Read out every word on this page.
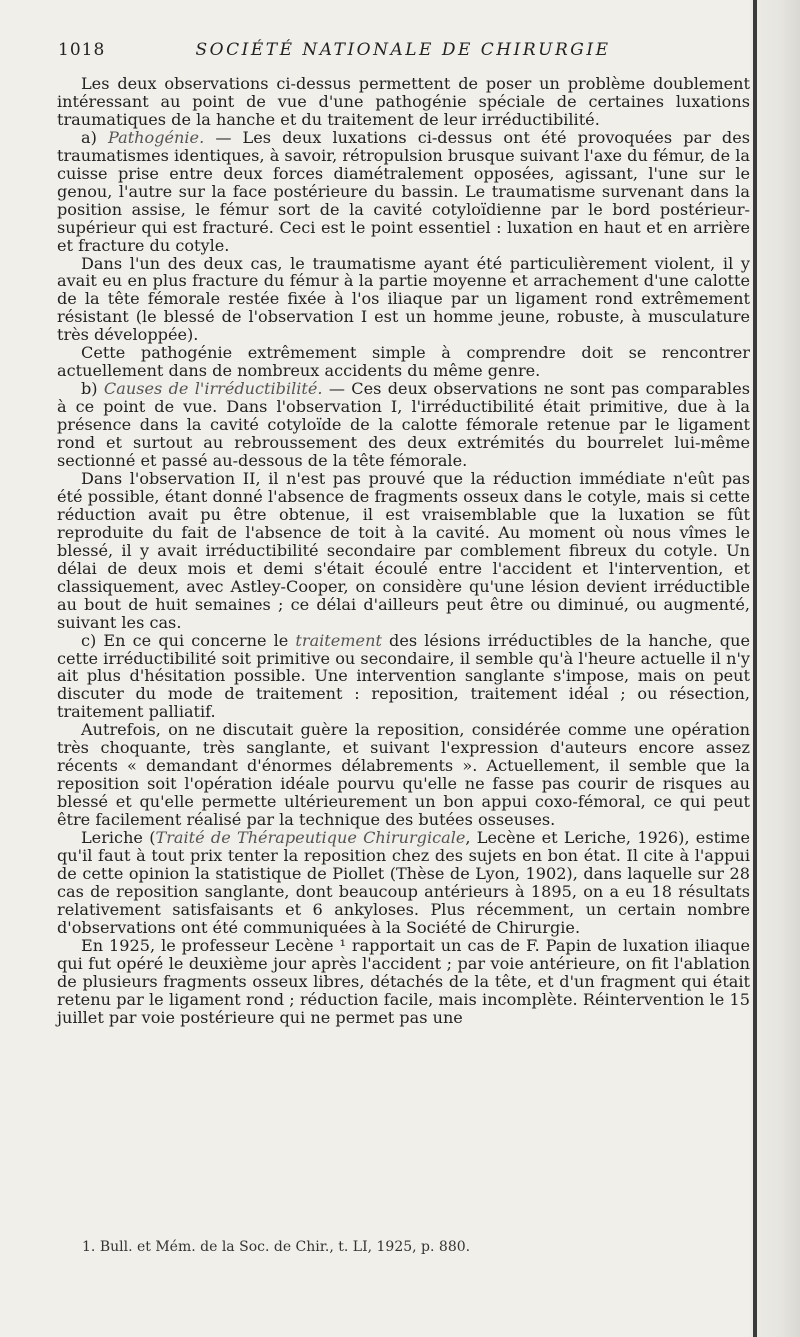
1018	SOCIÉTÉ NATIONALE DE CHIRURGIE

Les deux observations ci-dessus permettent de poser un problème doublement intéressant au point de vue d'une pathogénie spéciale de certaines luxations traumatiques de la hanche et du traitement de leur irréductibilité.

a) Pathogénie. — Les deux luxations ci-dessus ont été provoquées par des traumatismes identiques, à savoir, rétropulsion brusque suivant l'axe du fémur, de la cuisse prise entre deux forces diamétralement opposées, agissant, l'une sur le genou, l'autre sur la face postérieure du bassin. Le traumatisme survenant dans la position assise, le fémur sort de la cavité cotyloïdienne par le bord postérieur-supérieur qui est fracturé. Ceci est le point essentiel : luxation en haut et en arrière et fracture du cotyle.

Dans l'un des deux cas, le traumatisme ayant été particulièrement violent, il y avait eu en plus fracture du fémur à la partie moyenne et arrachement d'une calotte de la tête fémorale restée fixée à l'os iliaque par un ligament rond extrêmement résistant (le blessé de l'observation I est un homme jeune, robuste, à musculature très développée).

Cette pathogénie extrêmement simple à comprendre doit se rencontrer actuellement dans de nombreux accidents du même genre.

b) Causes de l'irréductibilité. — Ces deux observations ne sont pas comparables à ce point de vue. Dans l'observation I, l'irréductibilité était primitive, due à la présence dans la cavité cotyloïde de la calotte fémorale retenue par le ligament rond et surtout au rebroussement des deux extrémités du bourrelet lui-même sectionné et passé au-dessous de la tête fémorale.

Dans l'observation II, il n'est pas prouvé que la réduction immédiate n'eût pas été possible, étant donné l'absence de fragments osseux dans le cotyle, mais si cette réduction avait pu être obtenue, il est vraisemblable que la luxation se fût reproduite du fait de l'absence de toit à la cavité. Au moment où nous vîmes le blessé, il y avait irréductibilité secondaire par comblement fibreux du cotyle. Un délai de deux mois et demi s'était écoulé entre l'accident et l'intervention, et classiquement, avec Astley-Cooper, on considère qu'une lésion devient irréductible au bout de huit semaines ; ce délai d'ailleurs peut être ou diminué, ou augmenté, suivant les cas.

c) En ce qui concerne le traitement des lésions irréductibles de la hanche, que cette irréductibilité soit primitive ou secondaire, il semble qu'à l'heure actuelle il n'y ait plus d'hésitation possible. Une intervention sanglante s'impose, mais on peut discuter du mode de traitement : reposition, traitement idéal ; ou résection, traitement palliatif.

Autrefois, on ne discutait guère la reposition, considérée comme une opération très choquante, très sanglante, et suivant l'expression d'auteurs encore assez récents « demandant d'énormes délabrements ». Actuellement, il semble que la reposition soit l'opération idéale pourvu qu'elle ne fasse pas courir de risques au blessé et qu'elle permette ultérieurement un bon appui coxo-fémoral, ce qui peut être facilement réalisé par la technique des butées osseuses.

Leriche (Traité de Thérapeutique Chirurgicale, Lecène et Leriche, 1926), estime qu'il faut à tout prix tenter la reposition chez des sujets en bon état. Il cite à l'appui de cette opinion la statistique de Piollet (Thèse de Lyon, 1902), dans laquelle sur 28 cas de reposition sanglante, dont beaucoup antérieurs à 1895, on a eu 18 résultats relativement satisfaisants et 6 ankyloses. Plus récemment, un certain nombre d'observations ont été communiquées à la Société de Chirurgie.

En 1925, le professeur Lecène ¹ rapportait un cas de F. Papin de luxation iliaque qui fut opéré le deuxième jour après l'accident ; par voie antérieure, on fit l'ablation de plusieurs fragments osseux libres, détachés de la tête, et d'un fragment qui était retenu par le ligament rond ; réduction facile, mais incomplète. Réintervention le 15 juillet par voie postérieure qui ne permet pas une

1. Bull. et Mém. de la Soc. de Chir., t. LI, 1925, p. 880.
